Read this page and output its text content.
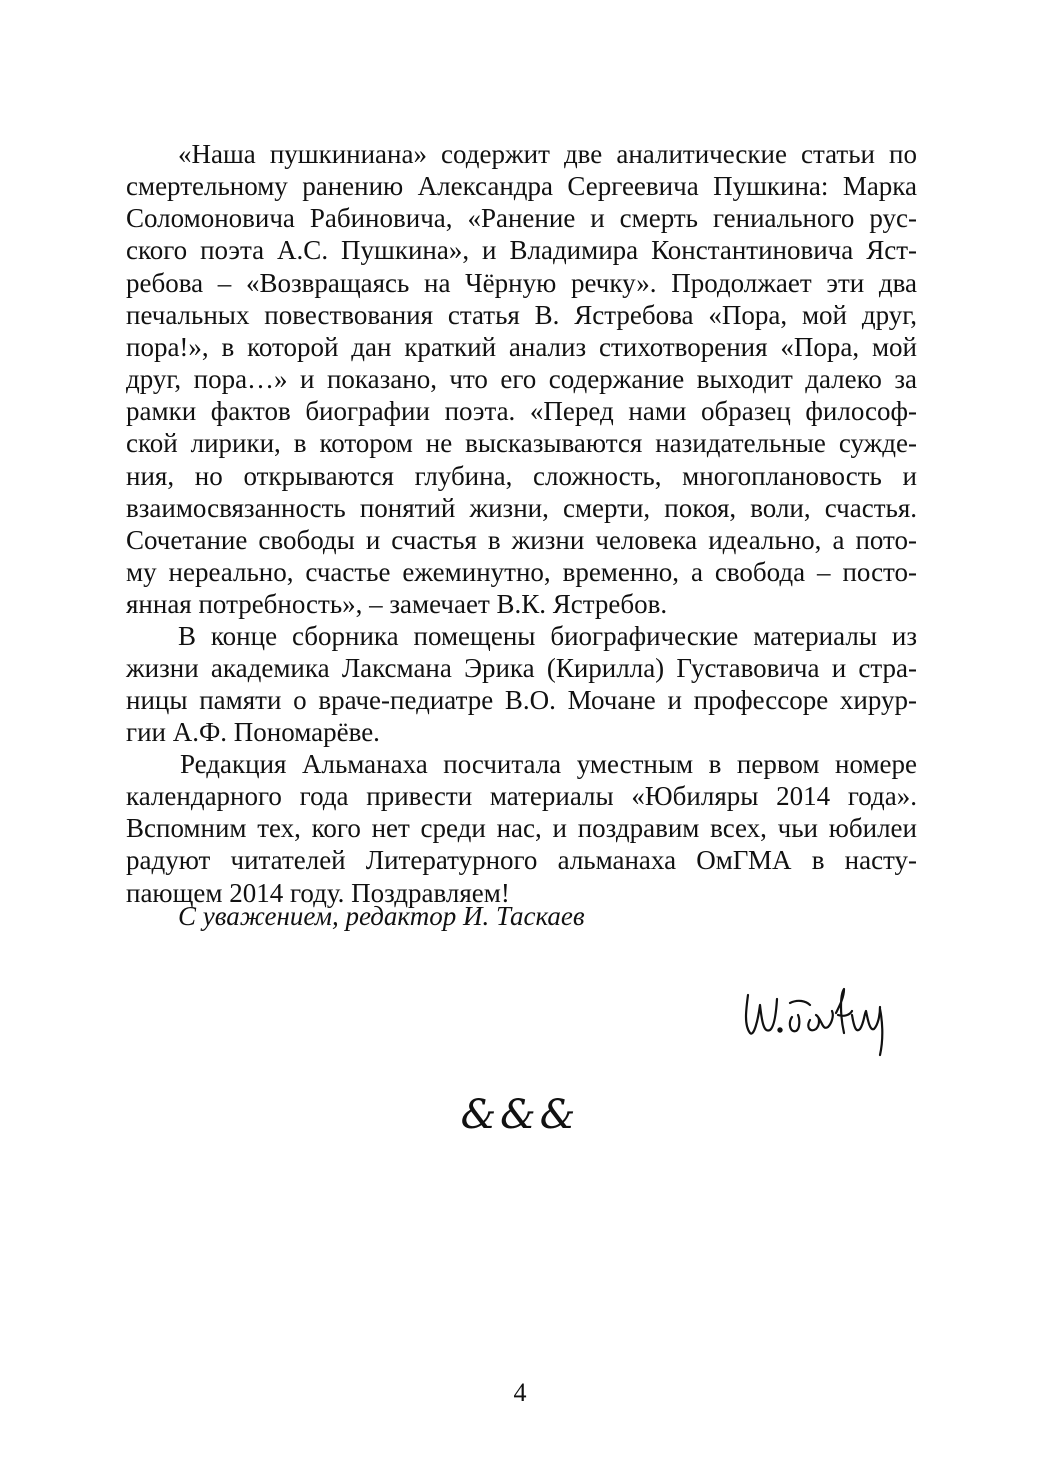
«Наша пушкиниана» содержит две аналитические статьи по
смертельному ранению Александра Сергеевича Пушкина: Марка
Соломоновича Рабиновича, «Ранение и смерть гениального рус-
ского поэта А.С. Пушкина», и Владимира Константиновича Яст-
ребова – «Возвращаясь на Чёрную речку». Продолжает эти два
печальных повествования статья В. Ястребова «Пора, мой друг,
пора!», в которой дан краткий анализ стихотворения «Пора, мой
друг, пора…» и показано, что его содержание выходит далеко за
рамки фактов биографии поэта. «Перед нами образец философ-
ской лирики, в котором не высказываются назидательные сужде-
ния, но открываются глубина, сложность, многоплановость и
взаимосвязанность понятий жизни, смерти, покоя, воли, счастья.
Сочетание свободы и счастья в жизни человека идеально, а пото-
му нереально, счастье ежеминутно, временно, а свобода – посто-
янная потребность», – замечает В.К. Ястребов.
В конце сборника помещены биографические материалы из
жизни академика Лаксмана Эрика (Кирилла) Густавовича и стра-
ницы памяти о враче-педиатре В.О. Мочане и профессоре хирур-
гии А.Ф. Пономарёве.
Редакция Альманаха посчитала уместным в первом номере
календарного года привести материалы «Юбиляры 2014 года».
Вспомним тех, кого нет среди нас, и поздравим всех, чьи юбилеи
радуют читателей Литературного альманаха ОмГМА в насту-
пающем 2014 году. Поздравляем!
С уважением, редактор И. Таскаев
&&&
4
